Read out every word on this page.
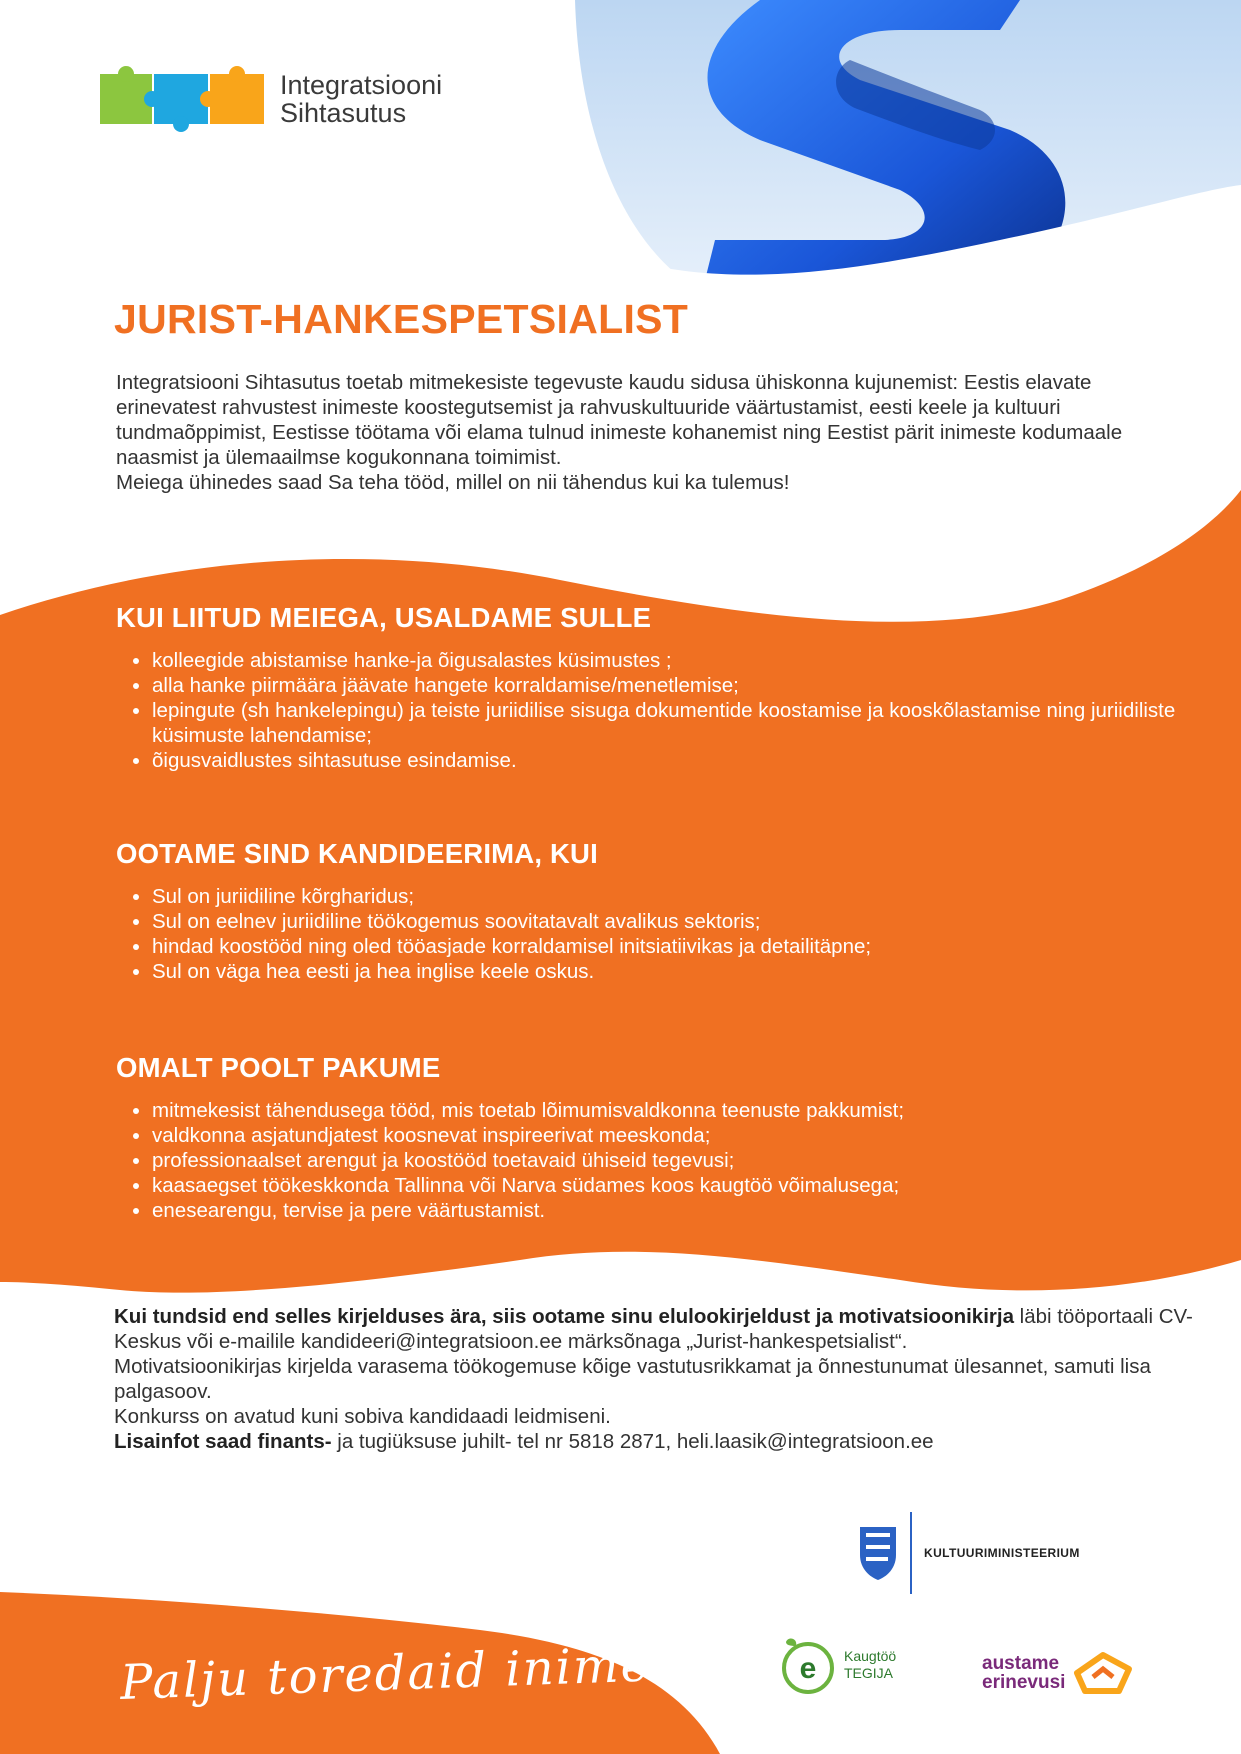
Integratsiooni
Sihtasutus
JURIST-HANKESPETSIALIST

Integratsiooni Sihtasutus toetab mitmekesiste tegevuste kaudu sidusa ühiskonna kujunemist: Eestis elavate erinevatest rahvustest inimeste koostegutsemist ja rahvuskultuuride väärtustamist, eesti keele ja kultuuri tundmaõppimist, Eestisse töötama või elama tulnud inimeste kohanemist ning Eestist pärit inimeste kodumaale naasmist ja ülemaailmse kogukonnana toimimist.

Meiega ühinedes saad Sa teha tööd, millel on nii tähendus kui ka tulemus!

KUI LIITUD MEIEGA, USALDAME SULLE
• kolleegide abistamise hanke-ja õigusalastes küsimustes ;
• alla hanke piirmäära jäävate hangete korraldamise/menetlemise;
• lepingute (sh hankelepingu) ja teiste juriidilise sisuga dokumentide koostamise ja kooskõlastamise ning juriidiliste küsimuste lahendamise;
• õigusvaidlustes sihtasutuse esindamise.
OOTAME SIND KANDIDEERIMA, KUI
• Sul on juriidiline kõrgharidus;
• Sul on eelnev juriidiline töökogemus soovitatavalt avalikus sektoris;
• hindad koostööd ning oled tööasjade korraldamisel initsiatiivikas ja detailitäpne;
• Sul on väga hea eesti ja hea inglise keele oskus.
OMALT POOLT PAKUME
• mitmekesist tähendusega tööd, mis toetab lõimumisvaldkonna teenuste pakkumist;
• valdkonna asjatundjatest koosnevat inspireerivat meeskonda;
• professionaalset arengut ja koostööd toetavaid ühiseid tegevusi;
• kaasaegset töökeskkonda Tallinna või Narva südames koos kaugtöö võimalusega;
• enesearengu, tervise ja pere väärtustamist.

Kui tundsid end selles kirjelduses ära, siis ootame sinu elulookirjeldust ja motivatsioonikirja läbi tööportaali CV-Keskus või e-mailile kandideeri@integratsioon.ee märksõnaga „Jurist-hankespetsialist“.

Motivatsioonikirjas kirjelda varasema töökogemuse kõige vastutusrikkamat ja õnnestunumat ülesannet, samuti lisa palgasoov.

Konkurss on avatud kuni sobiva kandidaadi leidmiseni.

Lisainfot saad finants- ja tugiüksuse juhilt- tel nr 5818 2871, heli.laasik@integratsioon.ee

KULTUURIMINISTEERIUM
e Kaugtöö
TEGIJA	austame
erinevusi
Palju toredaid inimesi
